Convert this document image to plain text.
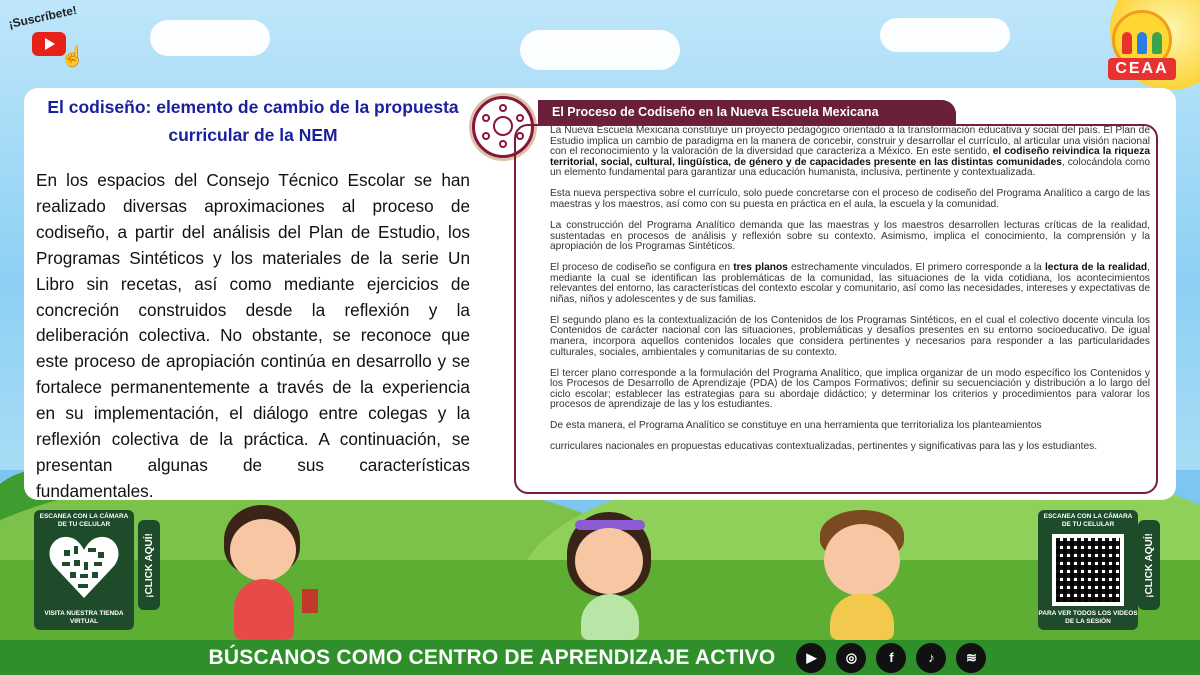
¡Suscríbete!
☝
CEAA
El codiseño: elemento de cambio de la propuesta curricular de la NEM
En los espacios del Consejo Técnico Escolar se han realizado diversas aproximaciones al proceso de codiseño, a partir del análisis del Plan de Estudio, los Programas Sintéticos y los materiales de la serie Un Libro sin recetas, así como mediante ejercicios de concreción construidos desde la reflexión y la deliberación colectiva. No obstante, se reconoce que este proceso de apropiación continúa en desarrollo y se fortalece permanentemente a través de la experiencia en su implementación, el diálogo entre colegas y la reflexión colectiva de la práctica. A continuación, se presentan algunas de sus características fundamentales.
El Proceso de Codiseño en la Nueva Escuela Mexicana

La Nueva Escuela Mexicana constituye un proyecto pedagógico orientado a la transformación educativa y social del país. El Plan de Estudio implica un cambio de paradigma en la manera de concebir, construir y desarrollar el currículo, al articular una visión nacional con el reconocimiento y la valoración de la diversidad que caracteriza a México. En este sentido, el codiseño reivindica la riqueza territorial, social, cultural, lingüística, de género y de capacidades presente en las distintas comunidades, colocándola como un elemento fundamental para garantizar una educación humanista, inclusiva, pertinente y contextualizada.

Esta nueva perspectiva sobre el currículo, solo puede concretarse con el proceso de codiseño del Programa Analítico a cargo de las maestras y los maestros, así como con su puesta en práctica en el aula, la escuela y la comunidad.

La construcción del Programa Analítico demanda que las maestras y los maestros desarrollen lecturas críticas de la realidad, sustentadas en procesos de análisis y reflexión sobre su contexto. Asimismo, implica el conocimiento, la comprensión y la apropiación de los Programas Sintéticos.

El proceso de codiseño se configura en tres planos estrechamente vinculados. El primero corresponde a la lectura de la realidad, mediante la cual se identifican las problemáticas de la comunidad, las situaciones de la vida cotidiana, los acontecimientos relevantes del entorno, las características del contexto escolar y comunitario, así como las necesidades, intereses y expectativas de niñas, niños y adolescentes y de sus familias.

El segundo plano es la contextualización de los Contenidos de los Programas Sintéticos, en el cual el colectivo docente vincula los Contenidos de carácter nacional con las situaciones, problemáticas y desafíos presentes en su entorno socioeducativo. De igual manera, incorpora aquellos contenidos locales que considera pertinentes y necesarios para responder a las particularidades culturales, sociales, ambientales y comunitarias de su contexto.

El tercer plano corresponde a la formulación del Programa Analítico, que implica organizar de un modo específico los Contenidos y los Procesos de Desarrollo de Aprendizaje (PDA) de los Campos Formativos; definir su secuenciación y distribución a lo largo del ciclo escolar; establecer las estrategias para su abordaje didáctico; y determinar los criterios y procedimientos para valorar los procesos de aprendizaje de las y los estudiantes.

De esta manera, el Programa Analítico se constituye en una herramienta que territorializa los planteamientos

curriculares nacionales en propuestas educativas contextualizadas, pertinentes y significativas para las y los estudiantes.

ESCANEA CON LA CÁMARA DE TU CELULAR
VISITA NUESTRA TIENDA VIRTUAL
¡CLICK AQUÍ!
ESCANEA CON LA CÁMARA DE TU CELULAR
PARA VER TODOS LOS VIDEOS DE LA SESIÓN
¡CLICK AQUÍ!
BÚSCANOS COMO CENTRO DE APRENDIZAJE ACTIVO	▶	◎	f	♪	≋
